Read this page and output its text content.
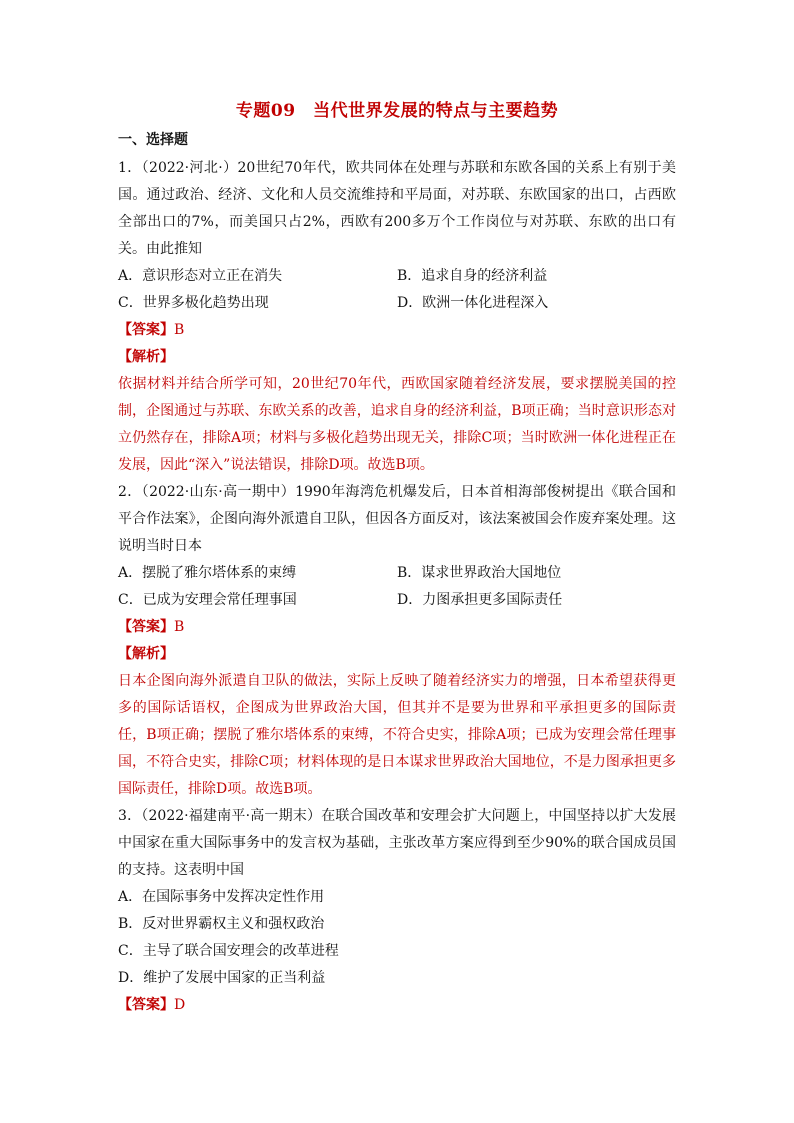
专题09　当代世界发展的特点与主要趋势
一、选择题

1．（2022·河北·）20世纪70年代，欧共同体在处理与苏联和东欧各国的关系上有别于美国。通过政治、经济、文化和人员交流维持和平局面，对苏联、东欧国家的出口，占西欧全部出口的7%，而美国只占2%，西欧有200多万个工作岗位与对苏联、东欧的出口有关。由此推知

A．意识形态对立正在消失	B．追求自身的经济利益
C．世界多极化趋势出现	D．欧洲一体化进程深入
【答案】B
【解析】

依据材料并结合所学可知，20世纪70年代，西欧国家随着经济发展，要求摆脱美国的控制，企图通过与苏联、东欧关系的改善，追求自身的经济利益，B项正确；当时意识形态对立仍然存在，排除A项；材料与多极化趋势出现无关，排除C项；当时欧洲一体化进程正在发展，因此“深入”说法错误，排除D项。故选B项。

2．（2022·山东·高一期中）1990年海湾危机爆发后，日本首相海部俊树提出《联合国和平合作法案》，企图向海外派遣自卫队，但因各方面反对，该法案被国会作废弃案处理。这说明当时日本

A．摆脱了雅尔塔体系的束缚	B．谋求世界政治大国地位
C．已成为安理会常任理事国	D．力图承担更多国际责任
【答案】B
【解析】

日本企图向海外派遣自卫队的做法，实际上反映了随着经济实力的增强，日本希望获得更多的国际话语权，企图成为世界政治大国，但其并不是要为世界和平承担更多的国际责任，B项正确；摆脱了雅尔塔体系的束缚，不符合史实，排除A项；已成为安理会常任理事国，不符合史实，排除C项；材料体现的是日本谋求世界政治大国地位，不是力图承担更多国际责任，排除D项。故选B项。

3．（2022·福建南平·高一期末）在联合国改革和安理会扩大问题上，中国坚持以扩大发展中国家在重大国际事务中的发言权为基础，主张改革方案应得到至少90%的联合国成员国的支持。这表明中国

A．在国际事务中发挥决定性作用
B．反对世界霸权主义和强权政治
C．主导了联合国安理会的改革进程
D．维护了发展中国家的正当利益
【答案】D
